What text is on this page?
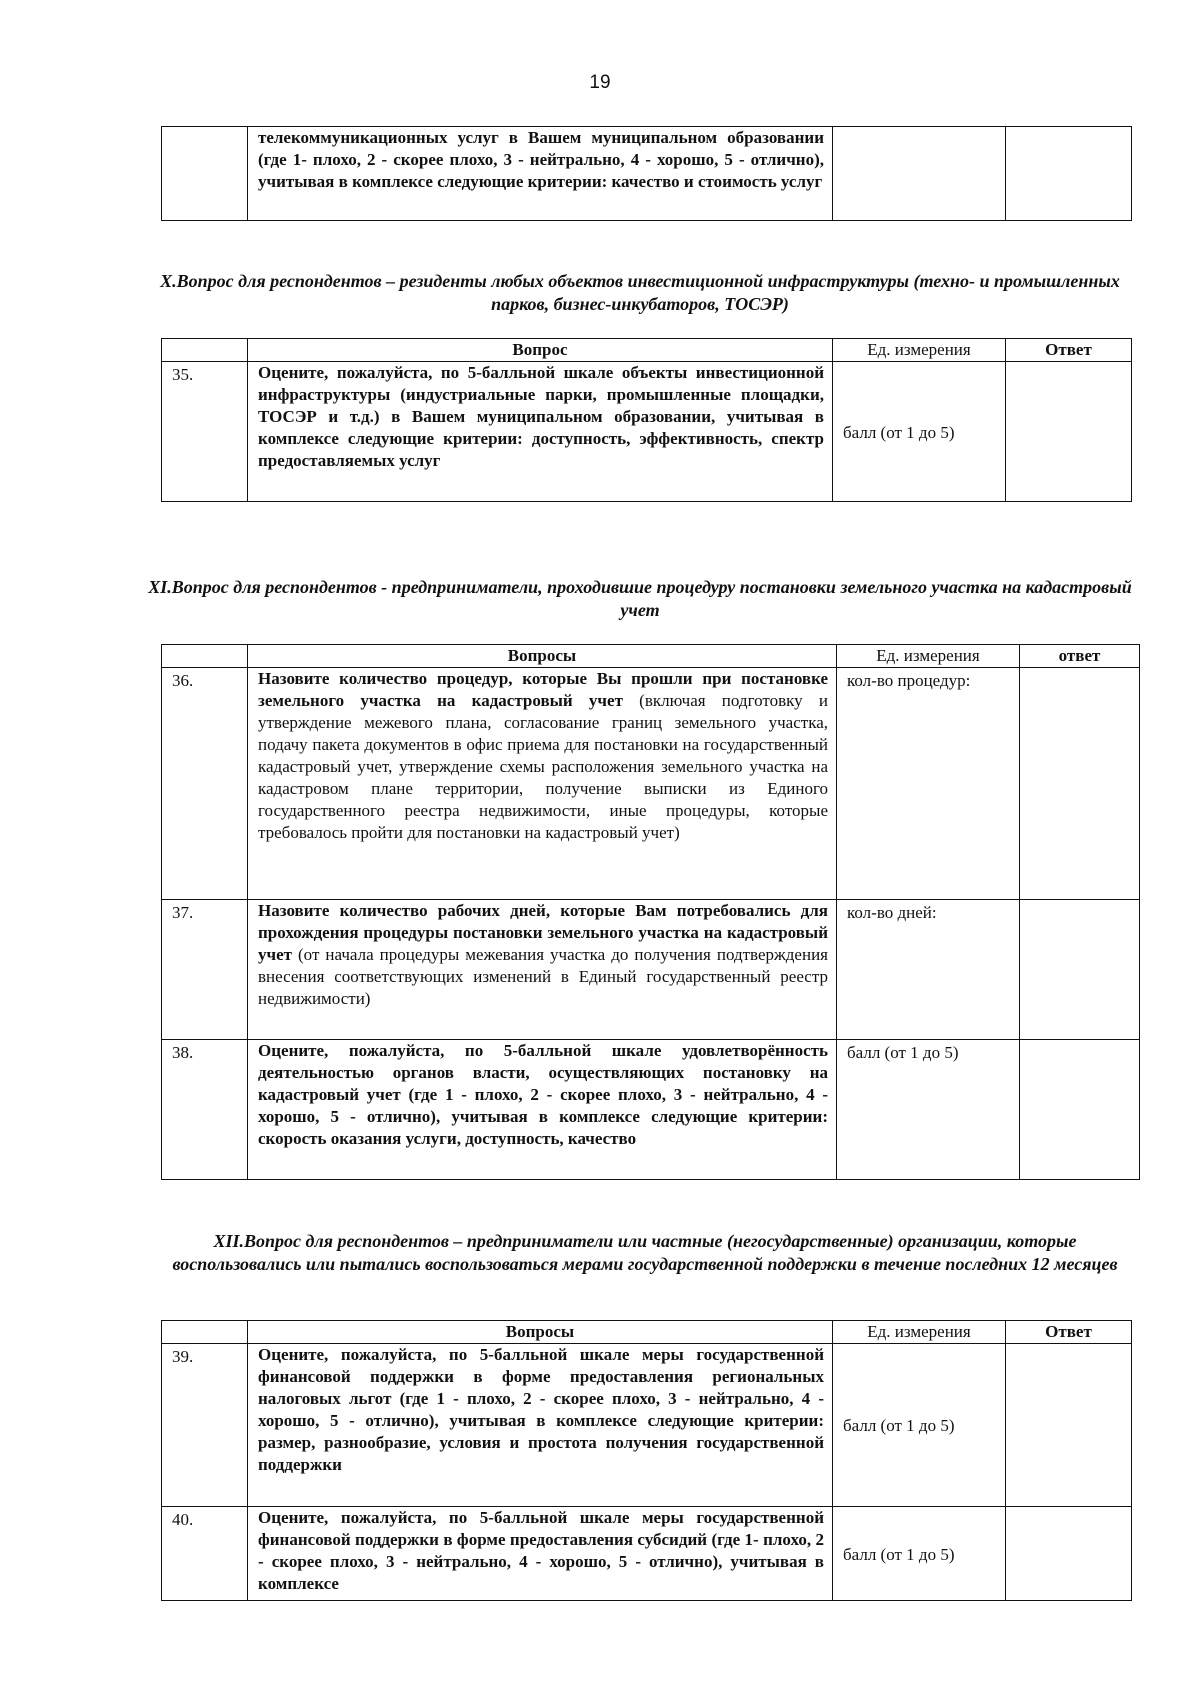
19
	телекоммуникационных услуг в Вашем муниципальном образовании (где 1- плохо, 2 - скорее плохо, 3 - нейтрально, 4 - хорошо, 5 - отлично), учитывая в комплексе следующие критерии: качество и стоимость услуг		
X.Вопрос для респондентов – резиденты любых объектов инвестиционной инфраструктуры (техно- и промышленных парков, бизнес-инкубаторов, ТОСЭР)
	Вопрос	Ед. измерения	Ответ
35.	Оцените, пожалуйста, по 5-балльной шкале объекты инвестиционной инфраструктуры (индустриальные парки, промышленные площадки, ТОСЭР и т.д.) в Вашем муниципальном образовании, учитывая в комплексе следующие критерии: доступность, эффективность, спектр предоставляемых услуг	балл (от 1 до 5)	
XI.Вопрос для респондентов - предприниматели, проходившие процедуру постановки земельного участка на кадастровый учет
	Вопросы	Ед. измерения	ответ
36.	Назовите количество процедур, которые Вы прошли при постановке земельного участка на кадастровый учет (включая подготовку и утверждение межевого плана, согласование границ земельного участка, подачу пакета документов в офис приема для постановки на государственный кадастровый учет, утверждение схемы расположения земельного участка на кадастровом плане территории, получение выписки из Единого государственного реестра недвижимости, иные процедуры, которые требовалось пройти для постановки на кадастровый учет)	кол-во процедур:	
37.	Назовите количество рабочих дней, которые Вам потребовались для прохождения процедуры постановки земельного участка на кадастровый учет (от начала процедуры межевания участка до получения подтверждения внесения соответствующих изменений в Единый государственный реестр недвижимости)	кол-во дней:	
38.	Оцените, пожалуйста, по 5-балльной шкале удовлетворённость деятельностью органов власти, осуществляющих постановку на кадастровый учет (где 1 - плохо, 2 - скорее плохо, 3 - нейтрально, 4 - хорошо, 5 - отлично), учитывая в комплексе следующие критерии: скорость оказания услуги, доступность, качество	балл (от 1 до 5)	
XII.Вопрос для респондентов – предприниматели или частные (негосударственные) организации, которые воспользовались или пытались воспользоваться мерами государственной поддержки в течение последних 12 месяцев
	Вопросы	Ед. измерения	Ответ
39.	Оцените, пожалуйста, по 5-балльной шкале меры государственной финансовой поддержки в форме предоставления региональных налоговых льгот (где 1 - плохо, 2 - скорее плохо, 3 - нейтрально, 4 - хорошо, 5 - отлично), учитывая в комплексе следующие критерии: размер, разнообразие, условия и простота получения государственной поддержки	балл (от 1 до 5)	
40.	Оцените, пожалуйста, по 5-балльной шкале меры государственной финансовой поддержки в форме предоставления субсидий (где 1- плохо, 2 - скорее плохо, 3 - нейтрально, 4 - хорошо, 5 - отлично), учитывая в комплексе	балл (от 1 до 5)	
